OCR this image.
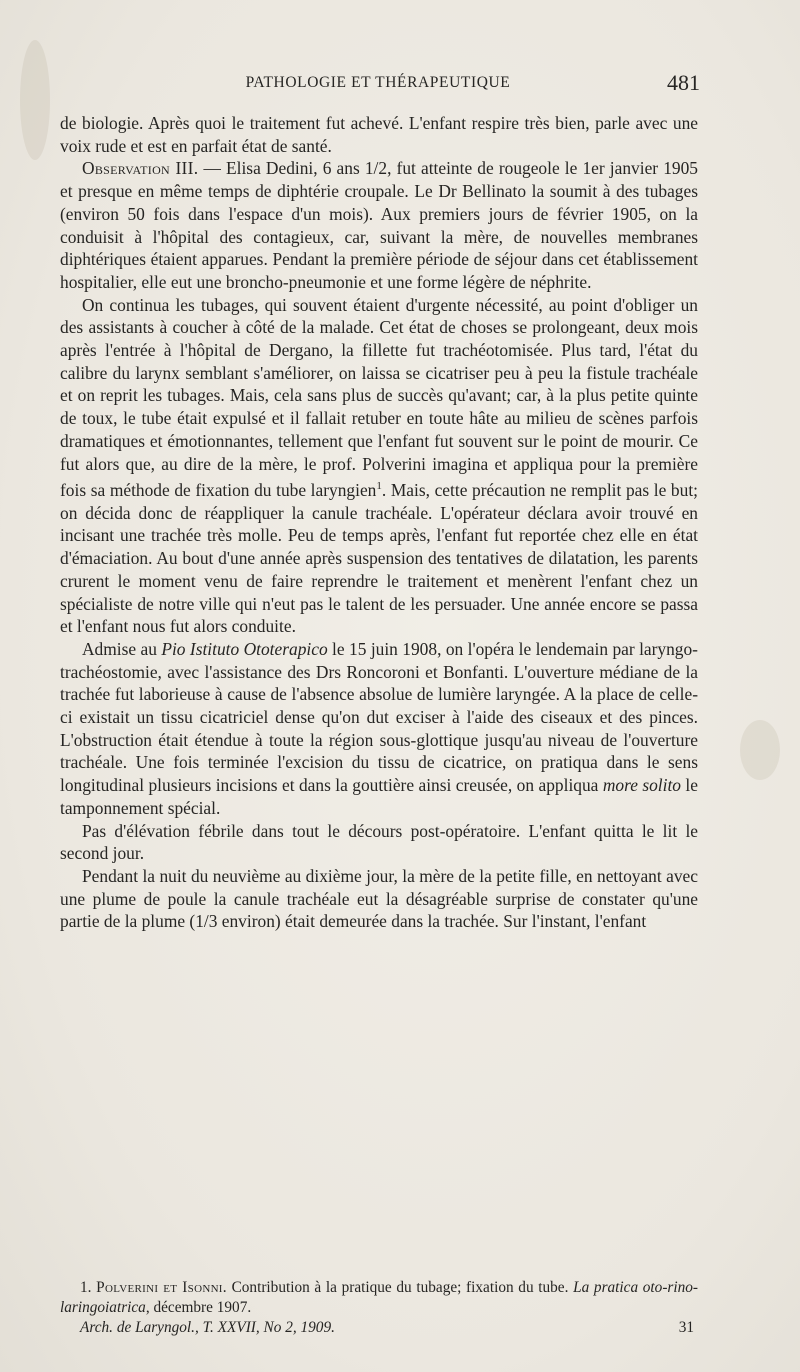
PATHOLOGIE ET THÉRAPEUTIQUE	481

de biologie. Après quoi le traitement fut achevé. L'enfant respire très bien, parle avec une voix rude et est en parfait état de santé.

Observation III. — Elisa Dedini, 6 ans 1/2, fut atteinte de rougeole le 1er janvier 1905 et presque en même temps de diphtérie croupale. Le Dr Bellinato la soumit à des tubages (environ 50 fois dans l'espace d'un mois). Aux premiers jours de février 1905, on la conduisit à l'hôpital des contagieux, car, suivant la mère, de nouvelles membranes diphtériques étaient apparues. Pendant la première période de séjour dans cet établissement hospitalier, elle eut une broncho-pneumonie et une forme légère de néphrite.

On continua les tubages, qui souvent étaient d'urgente nécessité, au point d'obliger un des assistants à coucher à côté de la malade. Cet état de choses se prolongeant, deux mois après l'entrée à l'hôpital de Dergano, la fillette fut trachéotomisée. Plus tard, l'état du calibre du larynx semblant s'améliorer, on laissa se cicatriser peu à peu la fistule trachéale et on reprit les tubages. Mais, cela sans plus de succès qu'avant; car, à la plus petite quinte de toux, le tube était expulsé et il fallait retuber en toute hâte au milieu de scènes parfois dramatiques et émotionnantes, tellement que l'enfant fut souvent sur le point de mourir. Ce fut alors que, au dire de la mère, le prof. Polverini imagina et appliqua pour la première fois sa méthode de fixation du tube laryngien$^1$. Mais, cette précaution ne remplit pas le but; on décida donc de réappliquer la canule trachéale. L'opérateur déclara avoir trouvé en incisant une trachée très molle. Peu de temps après, l'enfant fut reportée chez elle en état d'émaciation. Au bout d'une année après suspension des tentatives de dilatation, les parents crurent le moment venu de faire reprendre le traitement et menèrent l'enfant chez un spécialiste de notre ville qui n'eut pas le talent de les persuader. Une année encore se passa et l'enfant nous fut alors conduite.

Admise au Pio Istituto Ototerapico le 15 juin 1908, on l'opéra le lendemain par laryngo-trachéostomie, avec l'assistance des Drs Roncoroni et Bonfanti. L'ouverture médiane de la trachée fut laborieuse à cause de l'absence absolue de lumière laryngée. A la place de celle-ci existait un tissu cicatriciel dense qu'on dut exciser à l'aide des ciseaux et des pinces. L'obstruction était étendue à toute la région sous-glottique jusqu'au niveau de l'ouverture trachéale. Une fois terminée l'excision du tissu de cicatrice, on pratiqua dans le sens longitudinal plusieurs incisions et dans la gouttière ainsi creusée, on appliqua more solito le tamponnement spécial.

Pas d'élévation fébrile dans tout le décours post-opératoire. L'enfant quitta le lit le second jour.

Pendant la nuit du neuvième au dixième jour, la mère de la petite fille, en nettoyant avec une plume de poule la canule trachéale eut la désagréable surprise de constater qu'une partie de la plume (1/3 environ) était demeurée dans la trachée. Sur l'instant, l'enfant

1. Polverini et Isonni. Contribution à la pratique du tubage; fixation du tube. La pratica oto-rino-laringoiatrica, décembre 1907.

Arch. de Laryngol., T. XXVII, No 2, 1909.	31
